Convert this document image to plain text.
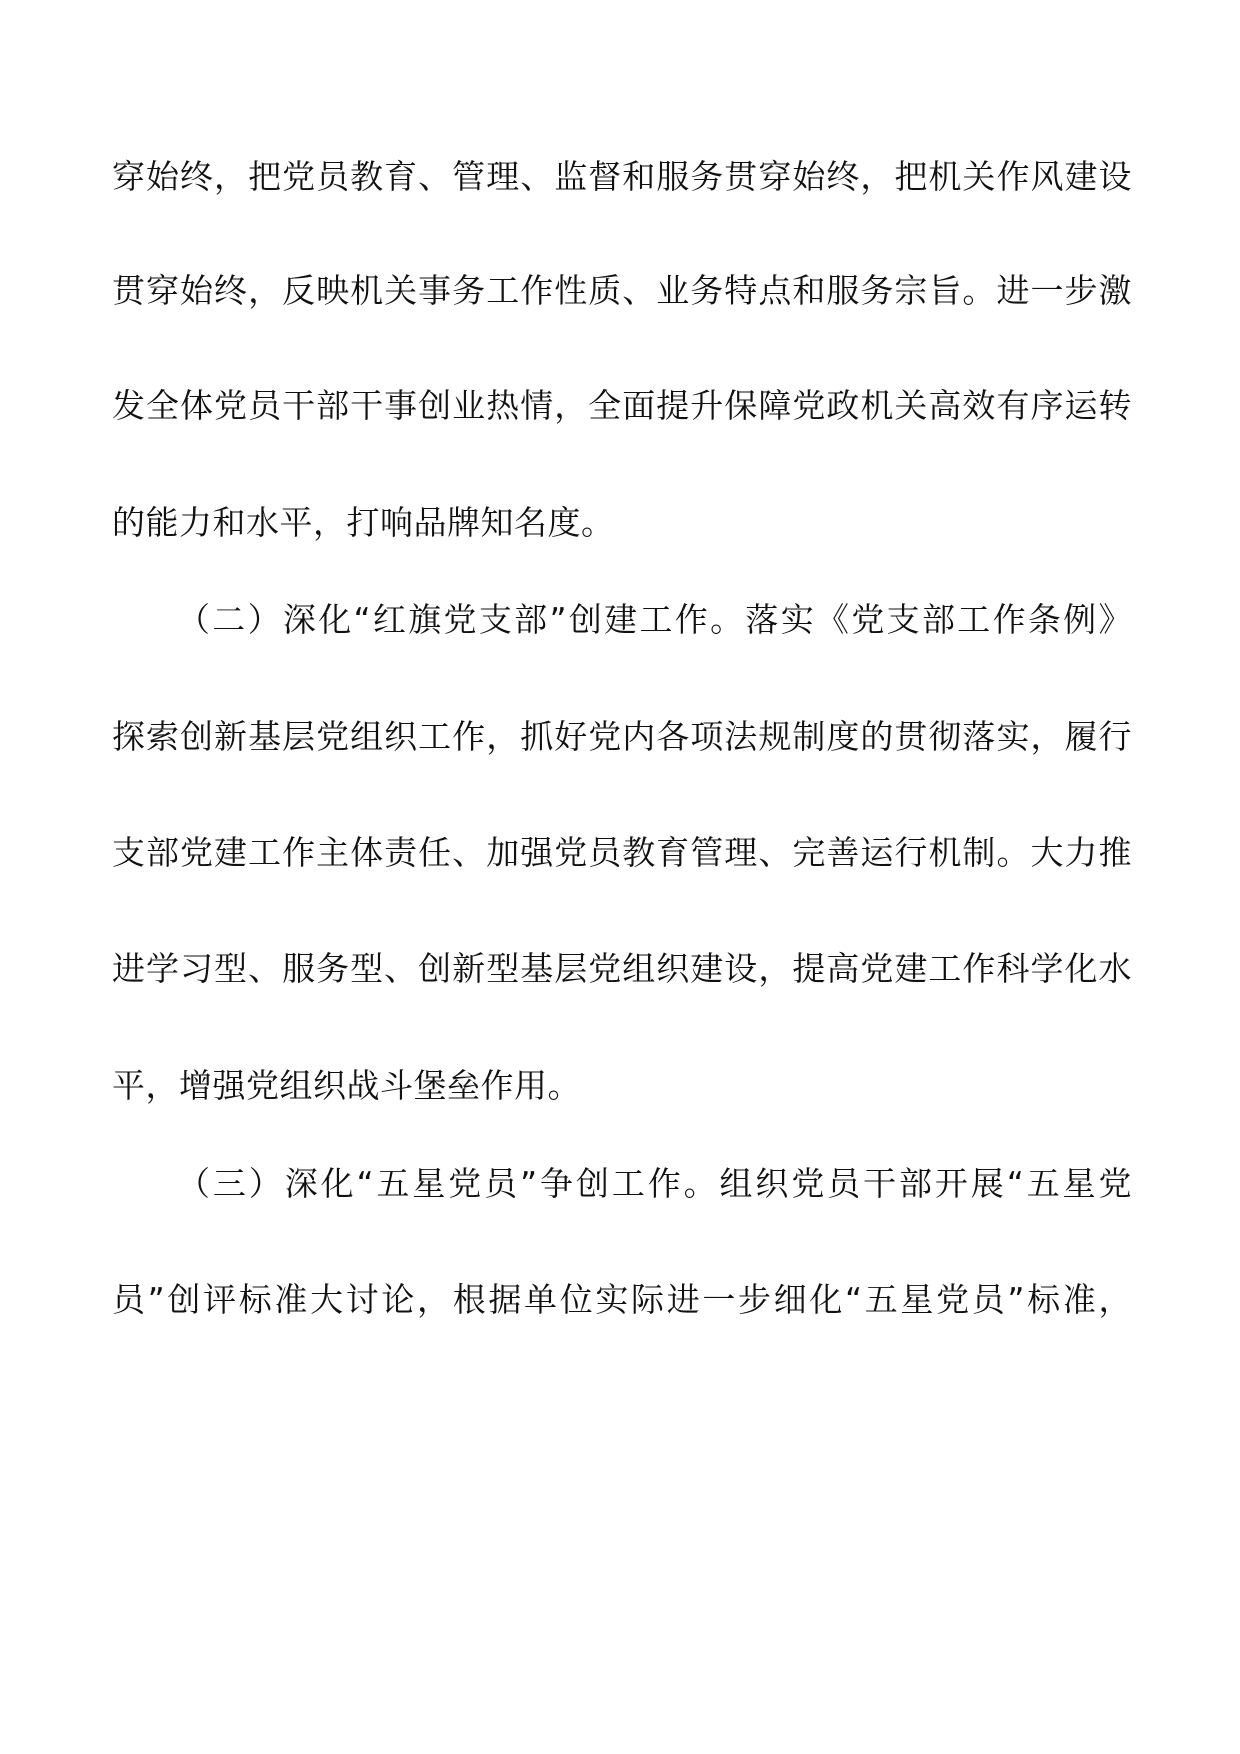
穿始终，把党员教育、管理、监督和服务贯穿始终，把机关作风建设
贯穿始终，反映机关事务工作性质、业务特点和服务宗旨。进一步激
发全体党员干部干事创业热情，全面提升保障党政机关高效有序运转
的能力和水平，打响品牌知名度。
（二）深化“红旗党支部”创建工作。落实《党支部工作条例》
探索创新基层党组织工作，抓好党内各项法规制度的贯彻落实，履行
支部党建工作主体责任、加强党员教育管理、完善运行机制。大力推
进学习型、服务型、创新型基层党组织建设，提高党建工作科学化水
平，增强党组织战斗堡垒作用。
（三）深化“五星党员”争创工作。组织党员干部开展“五星党
员”创评标准大讨论，根据单位实际进一步细化“五星党员”标准，
